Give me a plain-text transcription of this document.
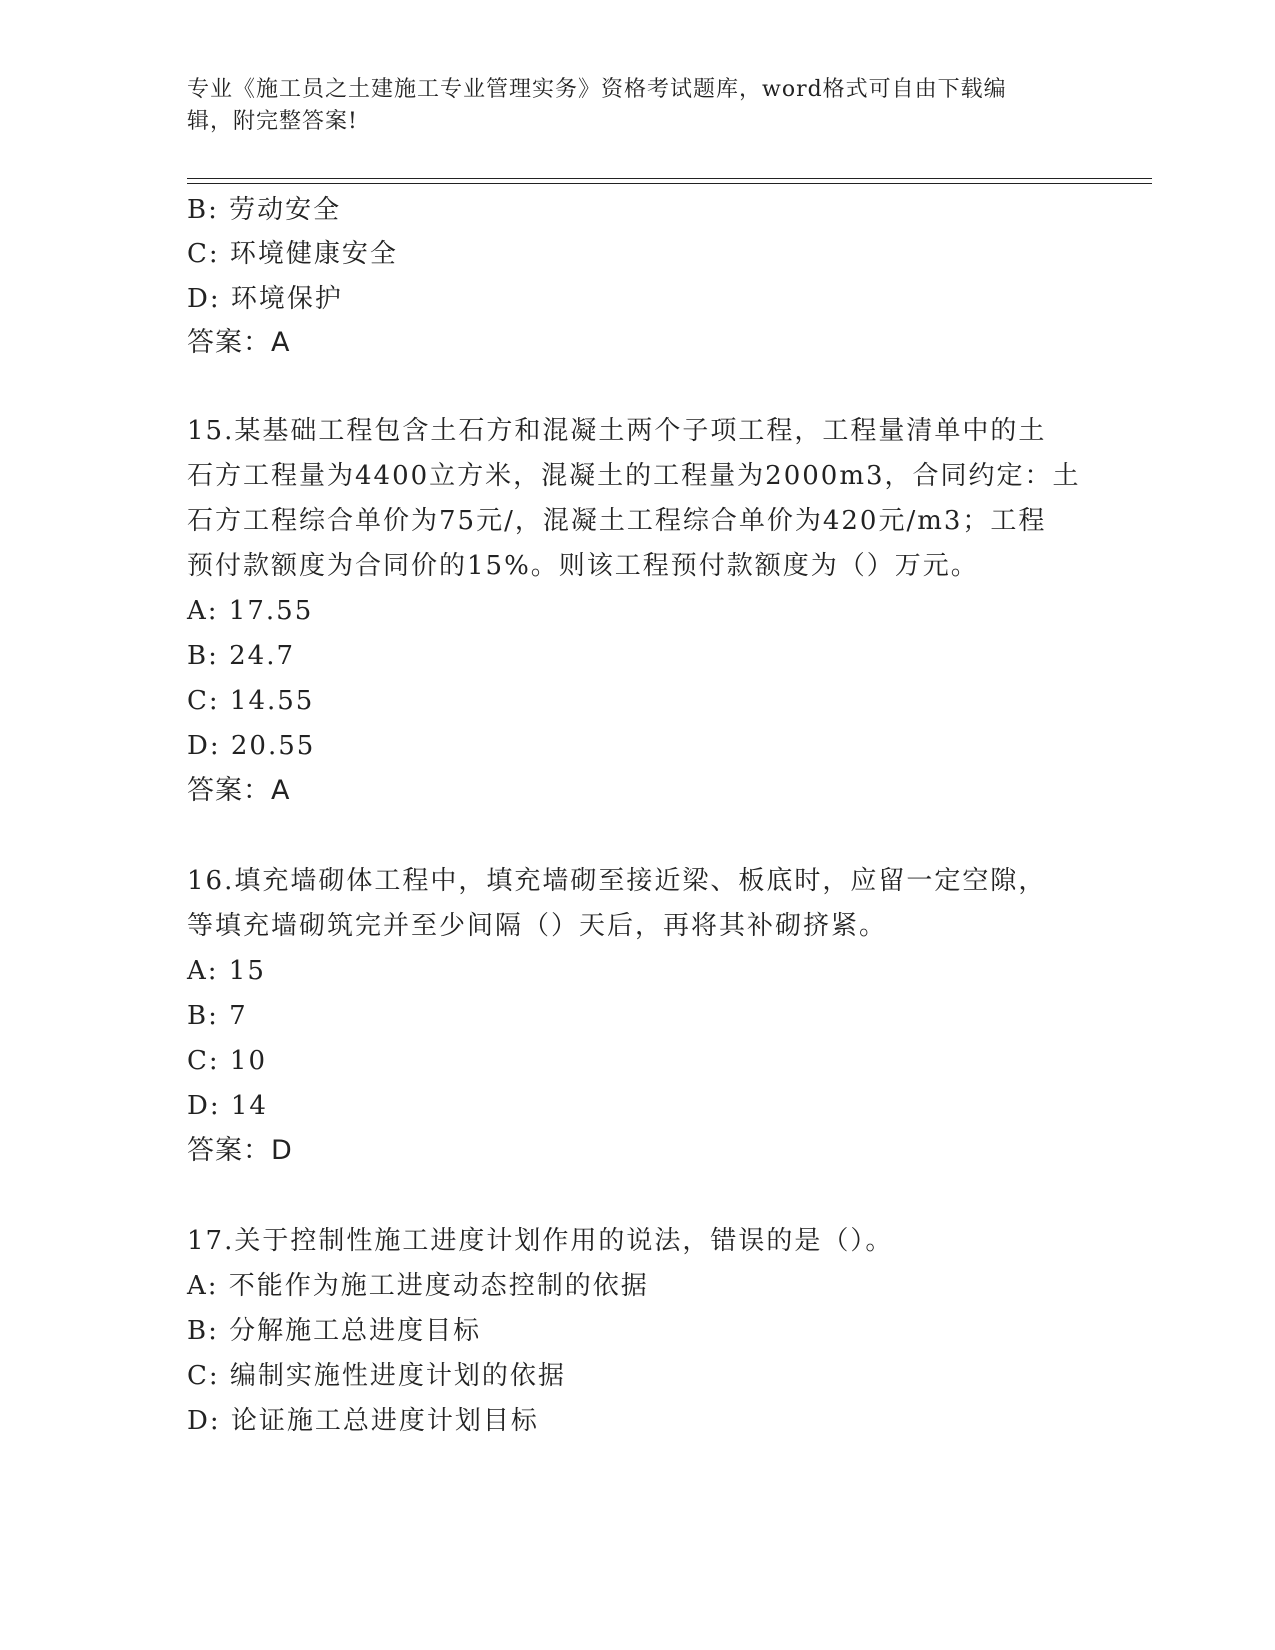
专业《施工员之土建施工专业管理实务》资格考试题库，word格式可自由下载编
辑，附完整答案!
B: 劳动安全
C: 环境健康安全
D: 环境保护
答案：A
15.某基础工程包含土石方和混凝土两个子项工程，工程量清单中的土
石方工程量为4400立方米，混凝土的工程量为2000m3，合同约定：土
石方工程综合单价为75元/，混凝土工程综合单价为420元/m3；工程
预付款额度为合同价的15%。则该工程预付款额度为（）万元。
A: 17.55
B: 24.7
C: 14.55
D: 20.55
答案：A
16.填充墙砌体工程中，填充墙砌至接近梁、板底时，应留一定空隙，
等填充墙砌筑完并至少间隔（）天后，再将其补砌挤紧。
A: 15
B: 7
C: 10
D: 14
答案：D
17.关于控制性施工进度计划作用的说法，错误的是（）。
A: 不能作为施工进度动态控制的依据
B: 分解施工总进度目标
C: 编制实施性进度计划的依据
D: 论证施工总进度计划目标
